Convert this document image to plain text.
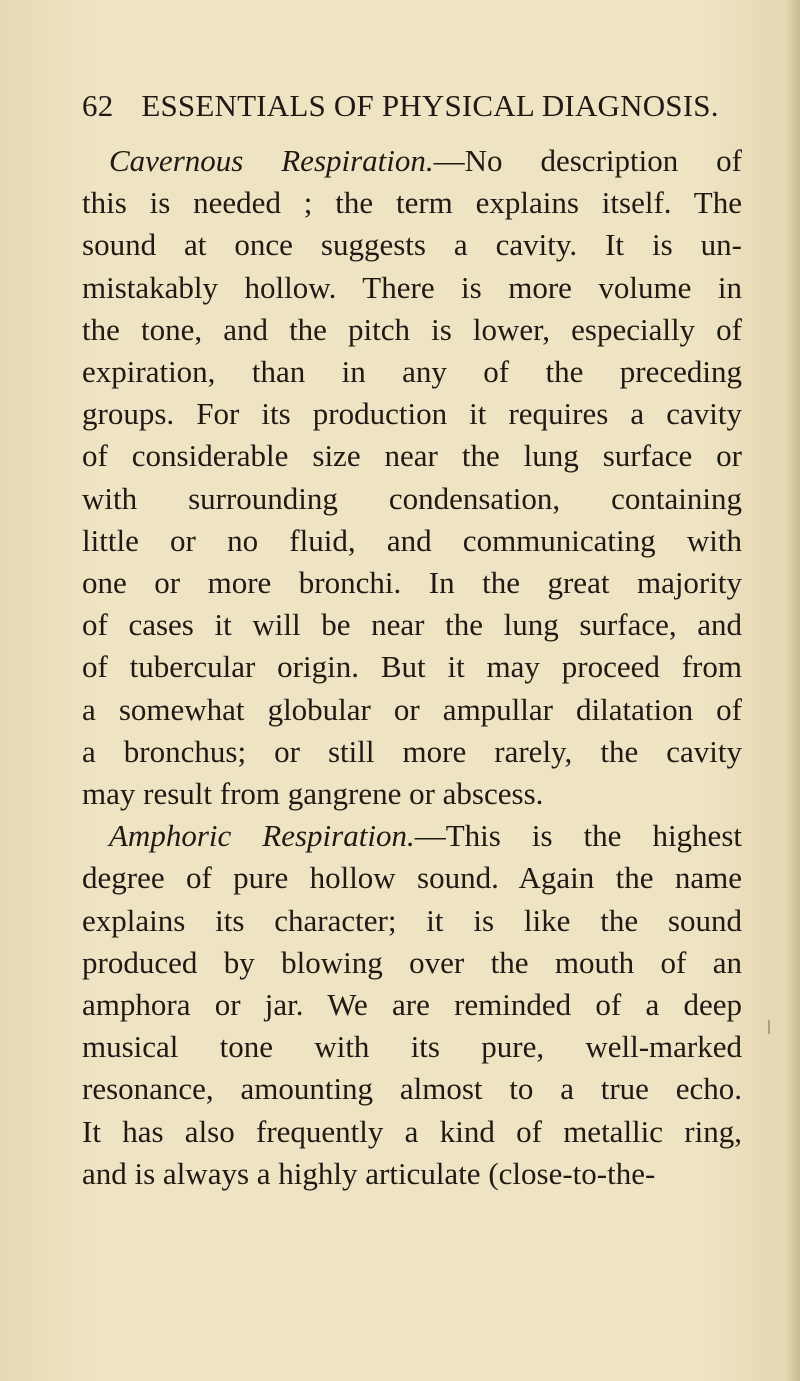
62 ESSENTIALS OF PHYSICAL DIAGNOSIS.
Cavernous Respiration.—No description of
this is needed ; the term explains itself. The
sound at once suggests a cavity. It is un-
mistakably hollow. There is more volume in
the tone, and the pitch is lower, especially of
expiration, than in any of the preceding
groups. For its production it requires a cavity
of considerable size near the lung surface or
with surrounding condensation, containing
little or no fluid, and communicating with
one or more bronchi. In the great majority
of cases it will be near the lung surface, and
of tubercular origin. But it may proceed from
a somewhat globular or ampullar dilatation of
a bronchus; or still more rarely, the cavity
may result from gangrene or abscess.
Amphoric Respiration.—This is the highest
degree of pure hollow sound. Again the name
explains its character; it is like the sound
produced by blowing over the mouth of an
amphora or jar. We are reminded of a deep
musical tone with its pure, well-marked
resonance, amounting almost to a true echo.
It has also frequently a kind of metallic ring,
and is always a highly articulate (close-to-the-
